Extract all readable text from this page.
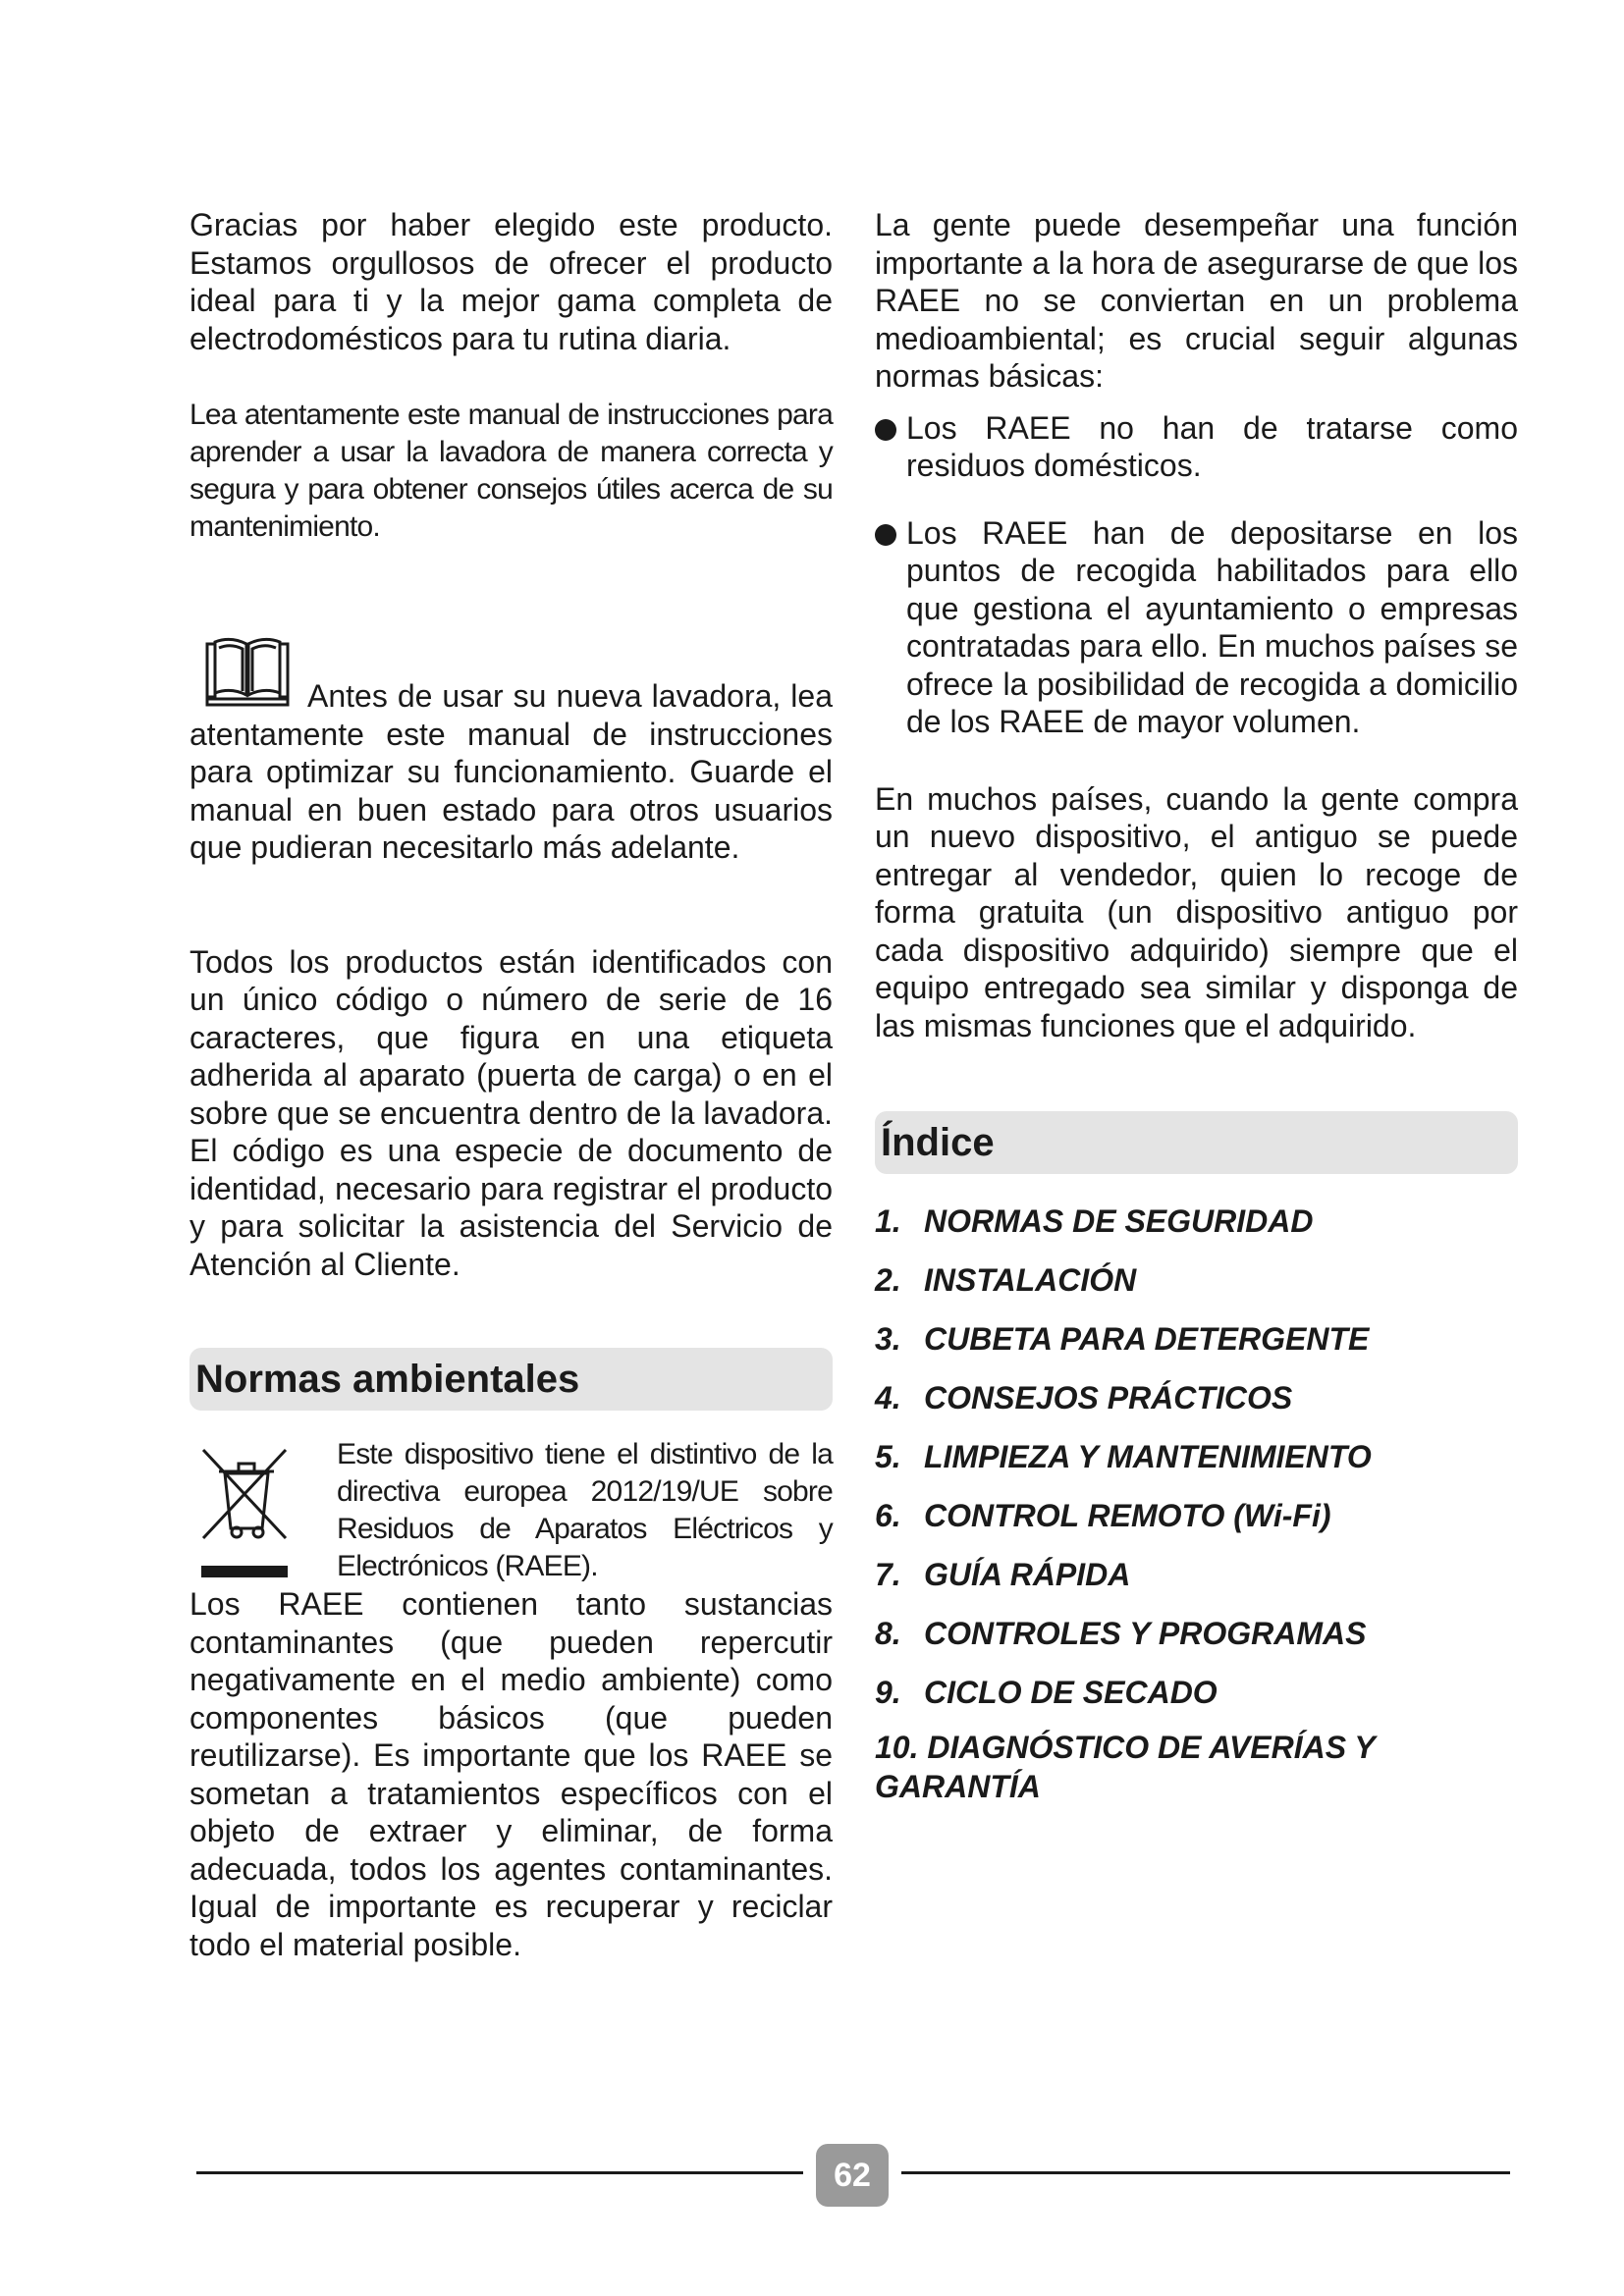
Gracias por haber elegido este producto. Estamos orgullosos de ofrecer el producto ideal para ti y la mejor gama completa de electrodomésticos para tu rutina diaria.

Lea atentamente este manual de instrucciones para aprender a usar la lavadora de manera correcta y segura y para obtener consejos útiles acerca de su mantenimiento.

Antes de usar su nueva lavadora, lea atentamente este manual de instrucciones para optimizar su funcionamiento. Guarde el manual en buen estado para otros usuarios que pudieran necesitarlo más adelante.

Todos los productos están identificados con un único código o número de serie de 16 caracteres, que figura en una etiqueta adherida al aparato (puerta de carga) o en el sobre que se encuentra dentro de la lavadora. El código es una especie de documento de identidad, necesario para registrar el producto y para solicitar la asistencia del Servicio de Atención al Cliente.

Normas ambientales

Este dispositivo tiene el distintivo de la directiva europea 2012/19/UE sobre Residuos de Aparatos Eléctricos y Electrónicos (RAEE).

Los RAEE contienen tanto sustancias contaminantes (que pueden repercutir negativamente en el medio ambiente) como componentes básicos (que pueden reutilizarse). Es importante que los RAEE se sometan a tratamientos específicos con el objeto de extraer y eliminar, de forma adecuada, todos los agentes contaminantes. Igual de importante es recuperar y reciclar todo el material posible.

La gente puede desempeñar una función importante a la hora de asegurarse de que los RAEE no se conviertan en un problema medioambiental; es crucial seguir algunas normas básicas:

Los RAEE no han de tratarse como residuos domésticos.

Los RAEE han de depositarse en los puntos de recogida habilitados para ello que gestiona el ayuntamiento o empresas contratadas para ello. En muchos países se ofrece la posibilidad de recogida a domicilio de los RAEE de mayor volumen.

En muchos países, cuando la gente compra un nuevo dispositivo, el antiguo se puede entregar al vendedor, quien lo recoge de forma gratuita (un dispositivo antiguo por cada dispositivo adquirido) siempre que el equipo entregado sea similar y disponga de las mismas funciones que el adquirido.

Índice
1. NORMAS DE SEGURIDAD
2. INSTALACIÓN
3. CUBETA PARA DETERGENTE
4. CONSEJOS PRÁCTICOS
5. LIMPIEZA Y MANTENIMIENTO
6. CONTROL REMOTO (Wi-Fi)
7. GUÍA RÁPIDA
8. CONTROLES Y PROGRAMAS
9. CICLO DE SECADO
10. DIAGNÓSTICO DE AVERÍAS Y GARANTÍA
62
